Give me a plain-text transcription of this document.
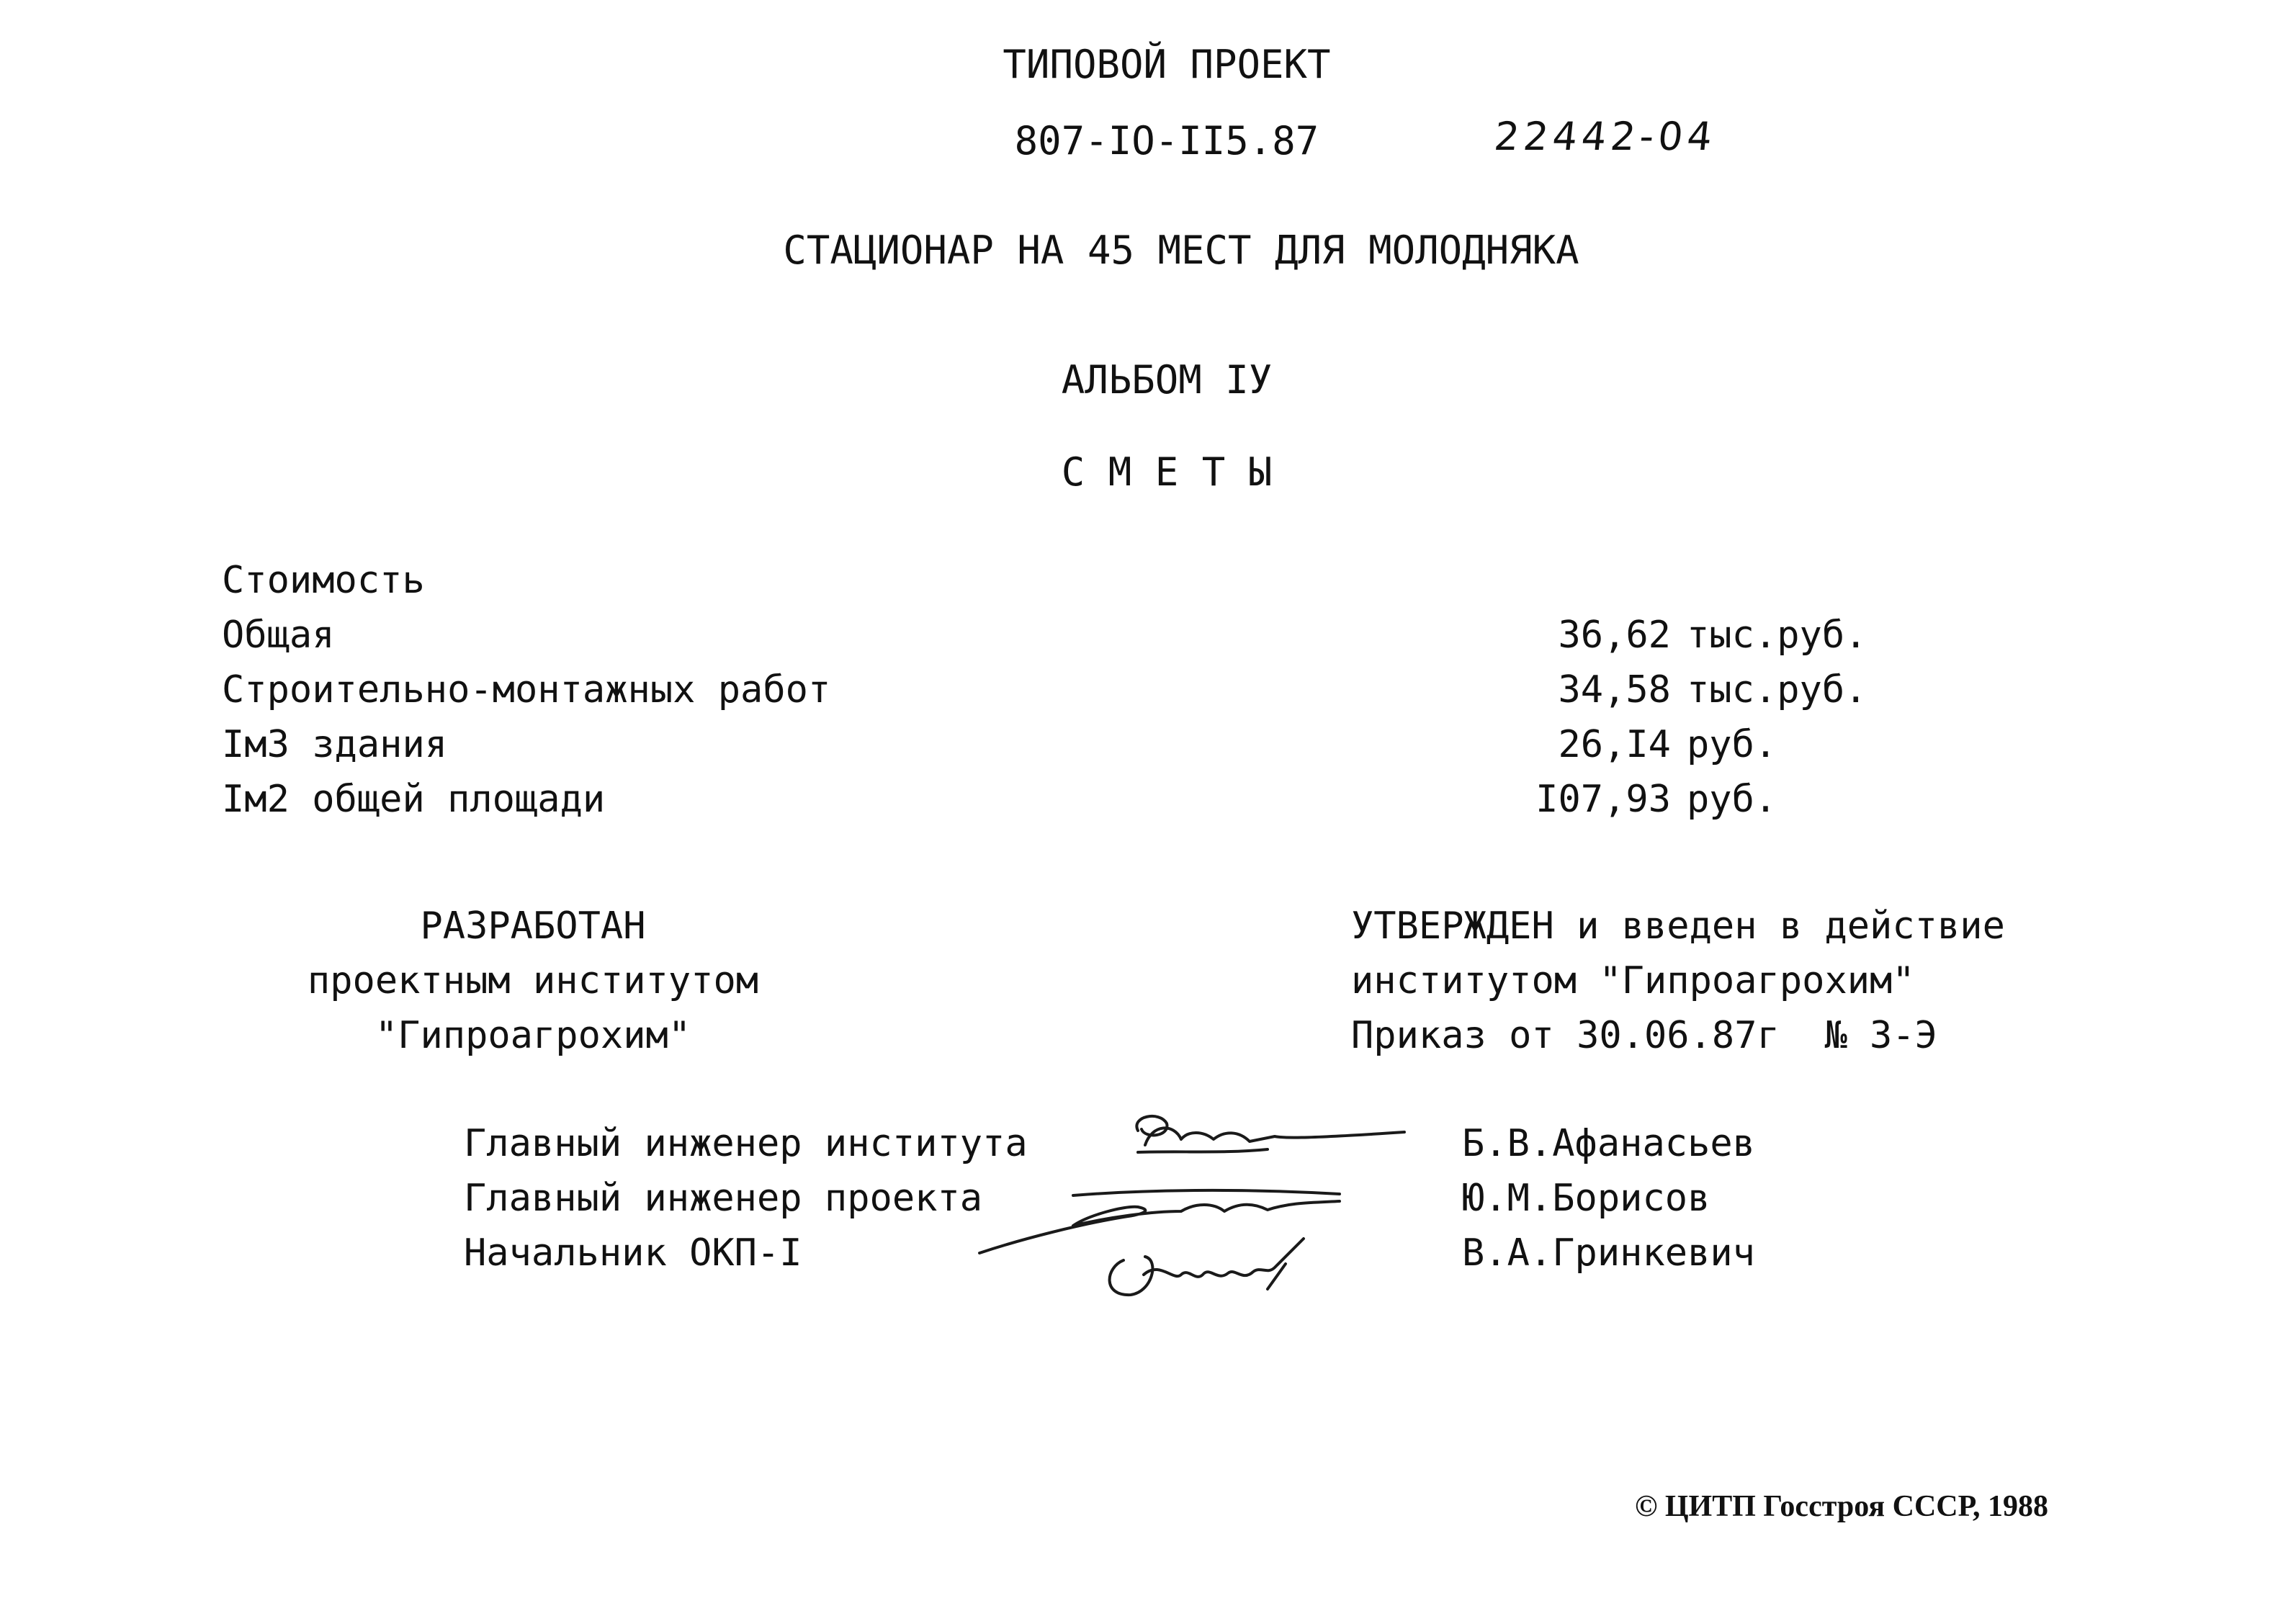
ТИПОВОЙ ПРОЕКТ
807-IO-II5.87	22442-04
СТАЦИОНАР НА 45 МЕСТ ДЛЯ МОЛОДНЯКА
АЛЬБОМ IУ
С М Е Т Ы
Стоимость
Общая	36,62 тыс.руб.
Строительно-монтажных работ	34,58 тыс.руб.
Iм3 здания	26,I4 руб.
Iм2 общей площади	I07,93 руб.
РАЗРАБОТАН
проектным институтом
"Гипроагрохим"
УТВЕРЖДЕН и введен в действие
институтом "Гипроагрохим"
Приказ от 30.06.87г  № 3-Э
Главный инженер института	Б.В.Афанасьев
Главный инженер проекта	Ю.М.Борисов
Начальник ОКП-I	В.А.Гринкевич
© ЦИТП Госстроя СССР, 1988
